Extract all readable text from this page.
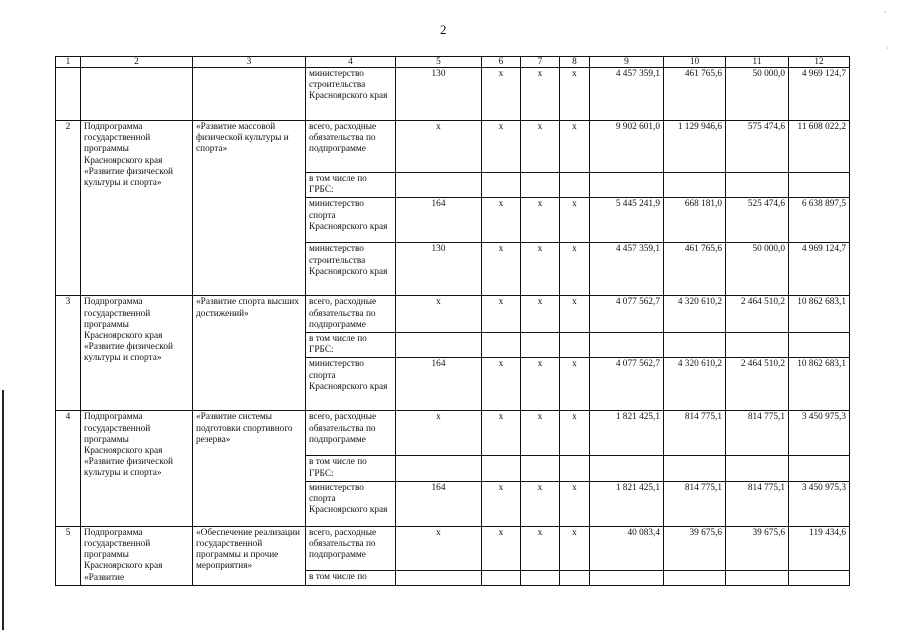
2
·
·
1	2	3	4	5	6	7	8	9	10	11	12
			министерство строительства Красноярского края	130	x	x	x	4 457 359,1	461 765,6	50 000,0	4 969 124,7
2	Подпрограмма государственной программы Красноярского края «Развитие физической культуры и спорта»	«Развитие массовой физической культуры и спорта»	всего, расходные обязательства по подпрограмме	x	x	x	x	9 902 601,0	1 129 946,6	575 474,6	11 608 022,2
			в том числе по ГРБС:								
			министерство спорта Красноярского края	164	x	x	x	5 445 241,9	668 181,0	525 474,6	6 638 897,5
			министерство строительства Красноярского края	130	x	x	x	4 457 359,1	461 765,6	50 000,0	4 969 124,7
3	Подпрограмма государственной программы Красноярского края «Развитие физической культуры и спорта»	«Развитие спорта высших достижений»	всего, расходные обязательства по подпрограмме	x	x	x	x	4 077 562,7	4 320 610,2	2 464 510,2	10 862 683,1
			в том числе по ГРБС:								
			министерство спорта Красноярского края	164	x	x	x	4 077 562,7	4 320 610,2	2 464 510,2	10 862 683,1
4	Подпрограмма государственной программы Красноярского края «Развитие физической культуры и спорта»	«Развитие системы подготовки спортивного резерва»	всего, расходные обязательства по подпрограмме	x	x	x	x	1 821 425,1	814 775,1	814 775,1	3 450 975,3
			в том числе по ГРБС:								
			министерство спорта Красноярского края	164	x	x	x	1 821 425,1	814 775,1	814 775,1	3 450 975,3
5	Подпрограмма государственной программы Красноярского края «Развитие	«Обеспечение реализации государственной программы и прочие мероприятия»	всего, расходные обязательства по подпрограмме	x	x	x	x	40 083,4	39 675,6	39 675,6	119 434,6
			в том числе по								
